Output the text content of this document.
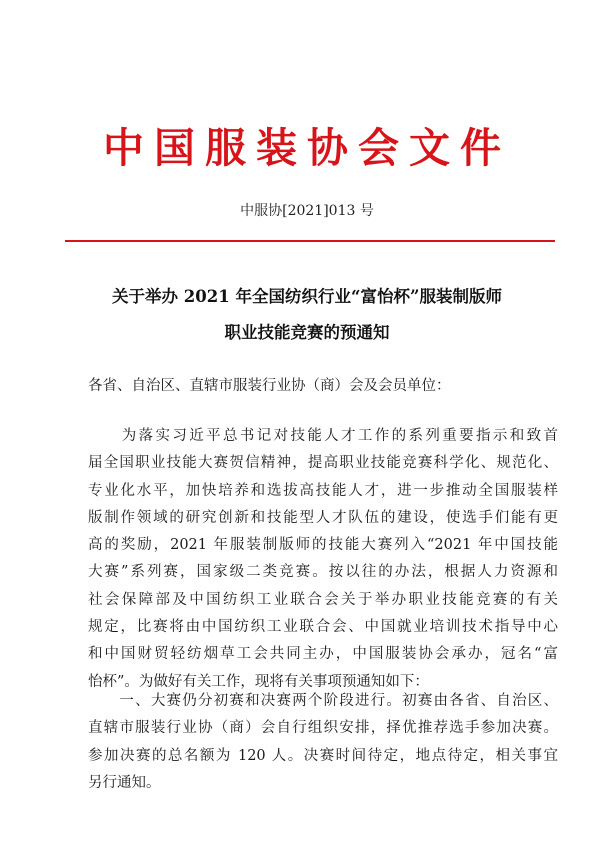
中国服装协会文件
中服协[2021]013 号
关于举办 2021 年全国纺织行业“富怡杯”服装制版师
职业技能竞赛的预通知
各省、自治区、直辖市服装行业协（商）会及会员单位：
　　为落实习近平总书记对技能人才工作的系列重要指示和致首
届全国职业技能大赛贺信精神，提高职业技能竞赛科学化、规范化、
专业化水平，加快培养和选拔高技能人才，进一步推动全国服装样
版制作领域的研究创新和技能型人才队伍的建设，使选手们能有更
高的奖励，2021 年服装制版师的技能大赛列入“2021 年中国技能
大赛”系列赛，国家级二类竞赛。按以往的办法，根据人力资源和
社会保障部及中国纺织工业联合会关于举办职业技能竞赛的有关
规定，比赛将由中国纺织工业联合会、中国就业培训技术指导中心
和中国财贸轻纺烟草工会共同主办，中国服装协会承办，冠名“富
怡杯”。为做好有关工作，现将有关事项预通知如下：
　　一、大赛仍分初赛和决赛两个阶段进行。初赛由各省、自治区、
直辖市服装行业协（商）会自行组织安排，择优推荐选手参加决赛。
参加决赛的总名额为 120 人。决赛时间待定，地点待定，相关事宜
另行通知。
